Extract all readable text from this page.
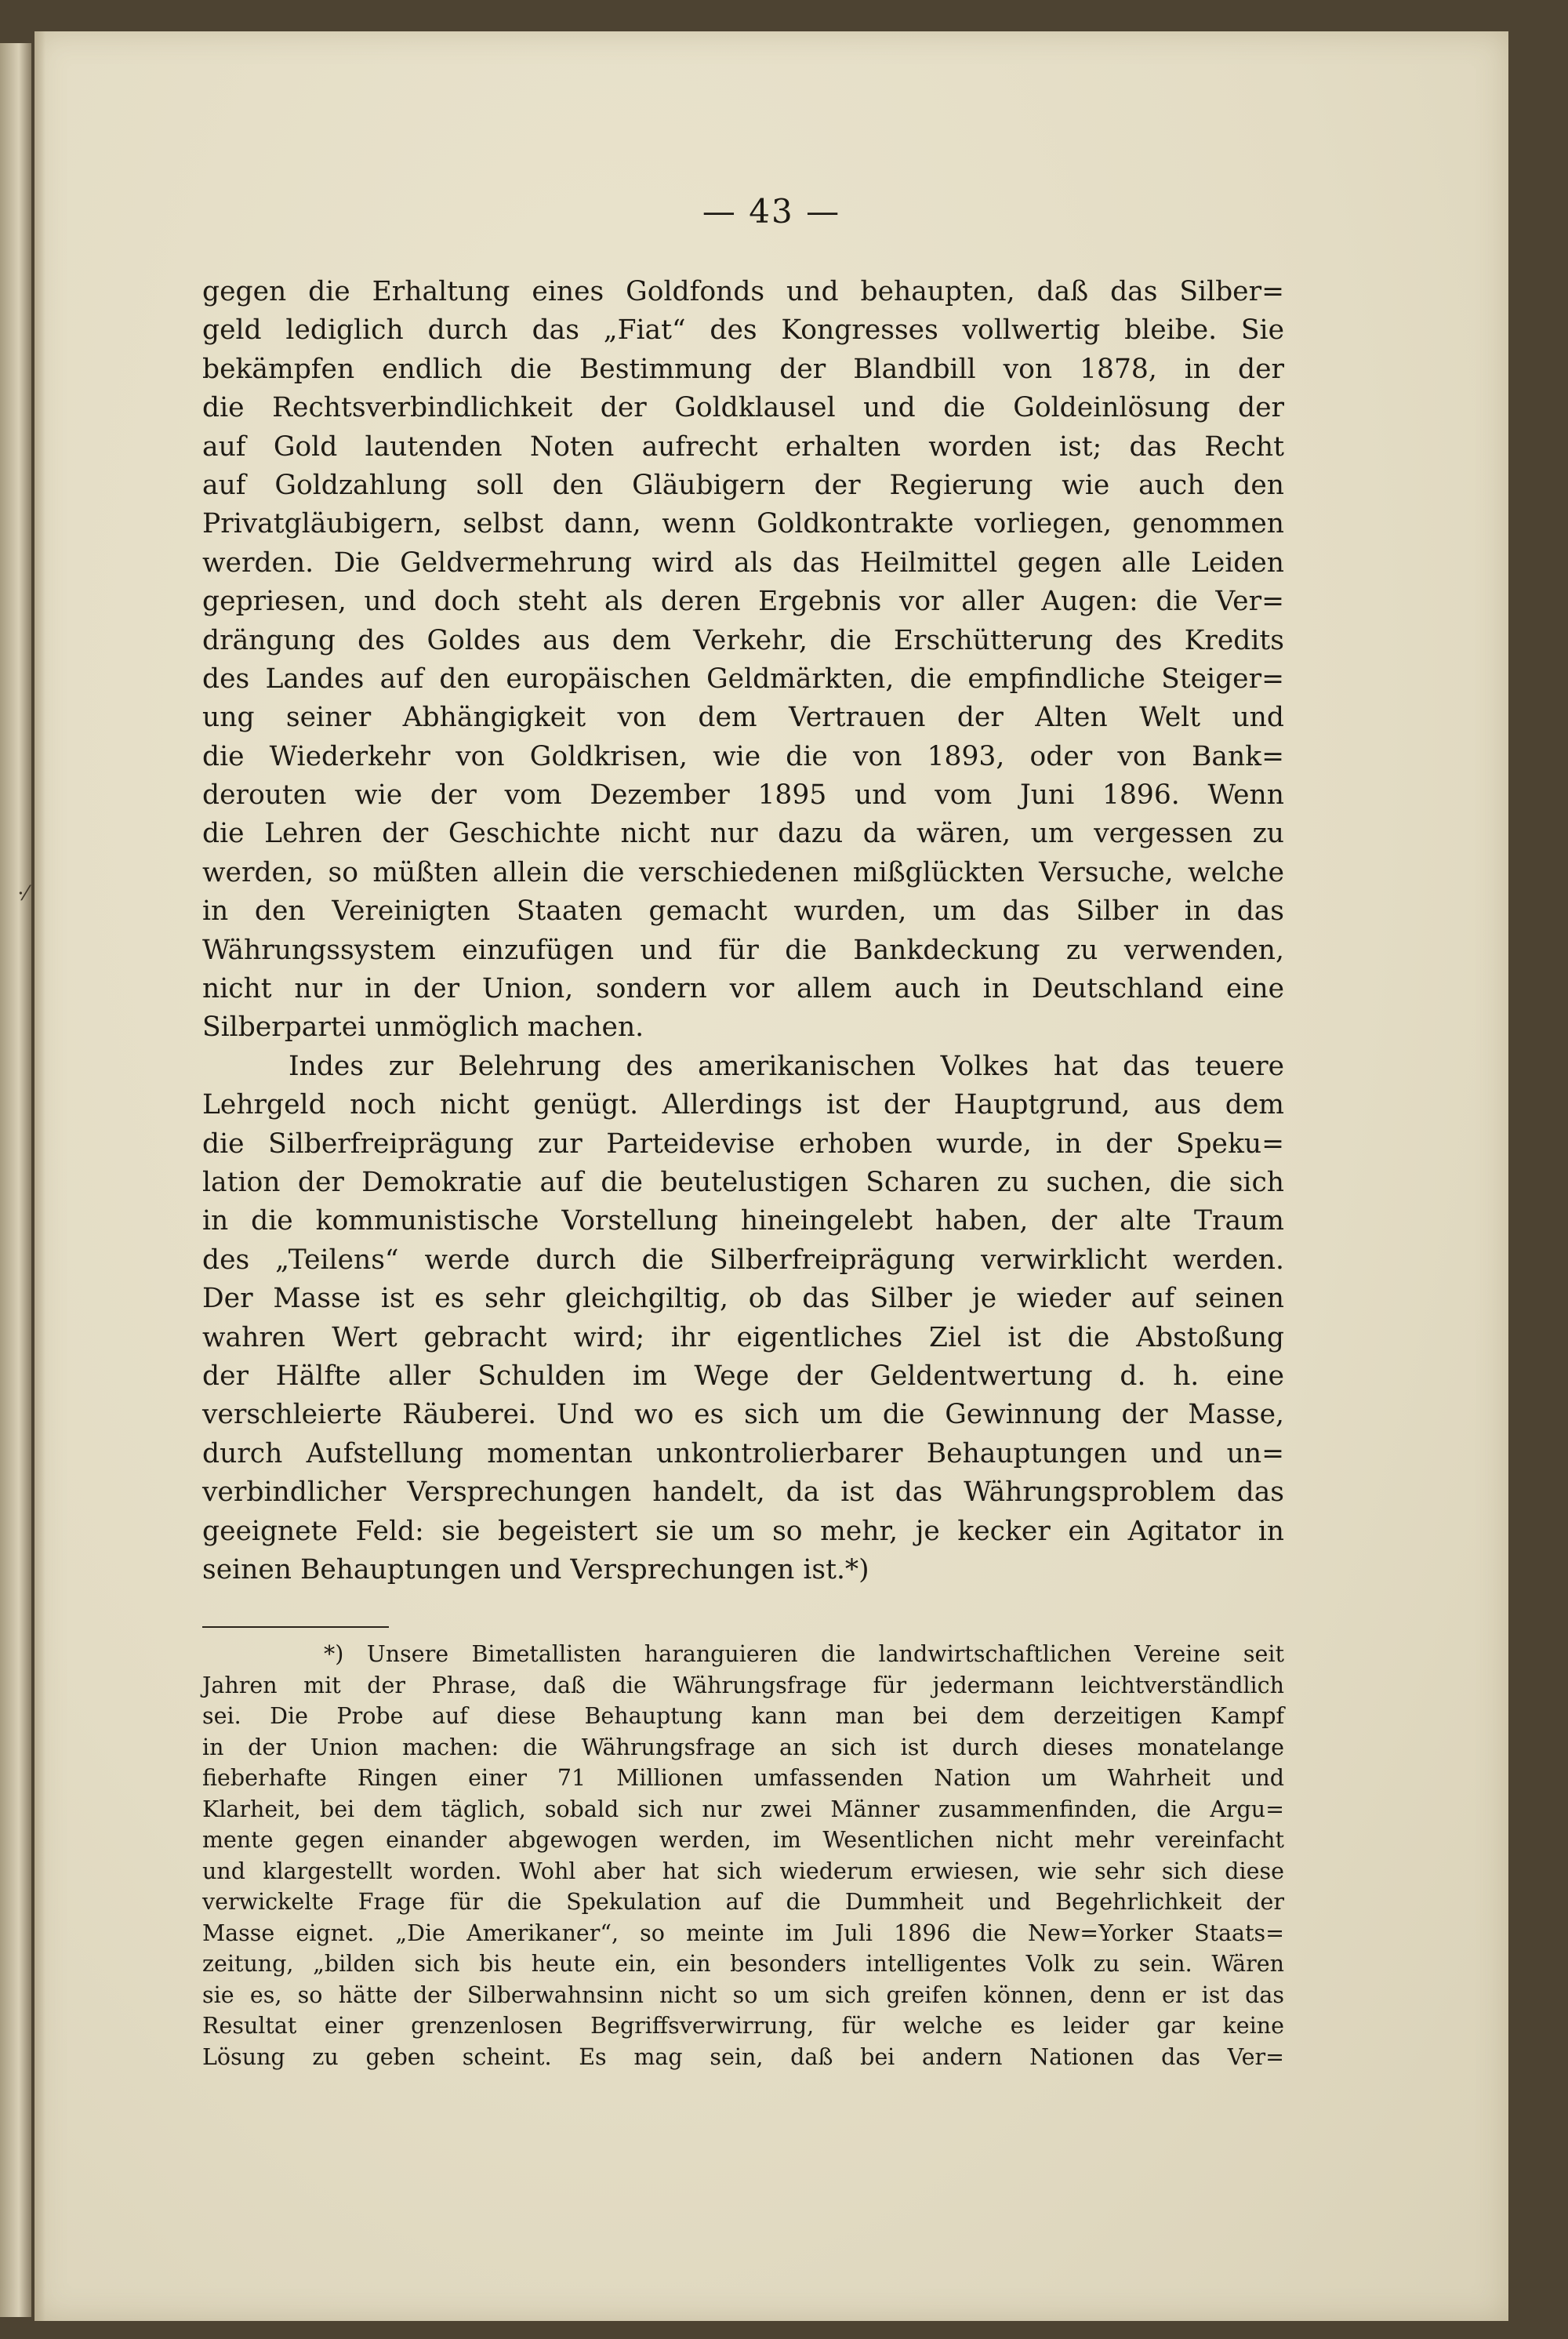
— 43 —
gegen die Erhaltung eines Goldfonds und behaupten, daß das Silber=
geld lediglich durch das „Fiat“ des Kongresses vollwertig bleibe. Sie
bekämpfen endlich die Bestimmung der Blandbill von 1878, in der
die Rechtsverbindlichkeit der Goldklausel und die Goldeinlösung der
auf Gold lautenden Noten aufrecht erhalten worden ist; das Recht
auf Goldzahlung soll den Gläubigern der Regierung wie auch den
Privatgläubigern, selbst dann, wenn Goldkontrakte vorliegen, genommen
werden. Die Geldvermehrung wird als das Heilmittel gegen alle Leiden
gepriesen, und doch steht als deren Ergebnis vor aller Augen: die Ver=
drängung des Goldes aus dem Verkehr, die Erschütterung des Kredits
des Landes auf den europäischen Geldmärkten, die empfindliche Steiger=
ung seiner Abhängigkeit von dem Vertrauen der Alten Welt und
die Wiederkehr von Goldkrisen, wie die von 1893, oder von Bank=
derouten wie der vom Dezember 1895 und vom Juni 1896. Wenn
die Lehren der Geschichte nicht nur dazu da wären, um vergessen zu
werden, so müßten allein die verschiedenen mißglückten Versuche, welche
in den Vereinigten Staaten gemacht wurden, um das Silber in das
Währungssystem einzufügen und für die Bankdeckung zu verwenden,
nicht nur in der Union, sondern vor allem auch in Deutschland eine
Silberpartei unmöglich machen.
Indes zur Belehrung des amerikanischen Volkes hat das teuere
Lehrgeld noch nicht genügt. Allerdings ist der Hauptgrund, aus dem
die Silberfreiprägung zur Parteidevise erhoben wurde, in der Speku=
lation der Demokratie auf die beutelustigen Scharen zu suchen, die sich
in die kommunistische Vorstellung hineingelebt haben, der alte Traum
des „Teilens“ werde durch die Silberfreiprägung verwirklicht werden.
Der Masse ist es sehr gleichgiltig, ob das Silber je wieder auf seinen
wahren Wert gebracht wird; ihr eigentliches Ziel ist die Abstoßung
der Hälfte aller Schulden im Wege der Geldentwertung d. h. eine
verschleierte Räuberei. Und wo es sich um die Gewinnung der Masse,
durch Aufstellung momentan unkontrolierbarer Behauptungen und un=
verbindlicher Versprechungen handelt, da ist das Währungsproblem das
geeignete Feld: sie begeistert sie um so mehr, je kecker ein Agitator in
seinen Behauptungen und Versprechungen ist.*)
*) Unsere Bimetallisten haranguieren die landwirtschaftlichen Vereine seit
Jahren mit der Phrase, daß die Währungsfrage für jedermann leichtverständlich
sei. Die Probe auf diese Behauptung kann man bei dem derzeitigen Kampf
in der Union machen: die Währungsfrage an sich ist durch dieses monatelange
fieberhafte Ringen einer 71 Millionen umfassenden Nation um Wahrheit und
Klarheit, bei dem täglich, sobald sich nur zwei Männer zusammenfinden, die Argu=
mente gegen einander abgewogen werden, im Wesentlichen nicht mehr vereinfacht
und klargestellt worden. Wohl aber hat sich wiederum erwiesen, wie sehr sich diese
verwickelte Frage für die Spekulation auf die Dummheit und Begehrlichkeit der
Masse eignet. „Die Amerikaner“, so meinte im Juli 1896 die New=Yorker Staats=
zeitung, „bilden sich bis heute ein, ein besonders intelligentes Volk zu sein. Wären
sie es, so hätte der Silberwahnsinn nicht so um sich greifen können, denn er ist das
Resultat einer grenzenlosen Begriffsverwirrung, für welche es leider gar keine
Lösung zu geben scheint. Es mag sein, daß bei andern Nationen das Ver=
⋅⁄
